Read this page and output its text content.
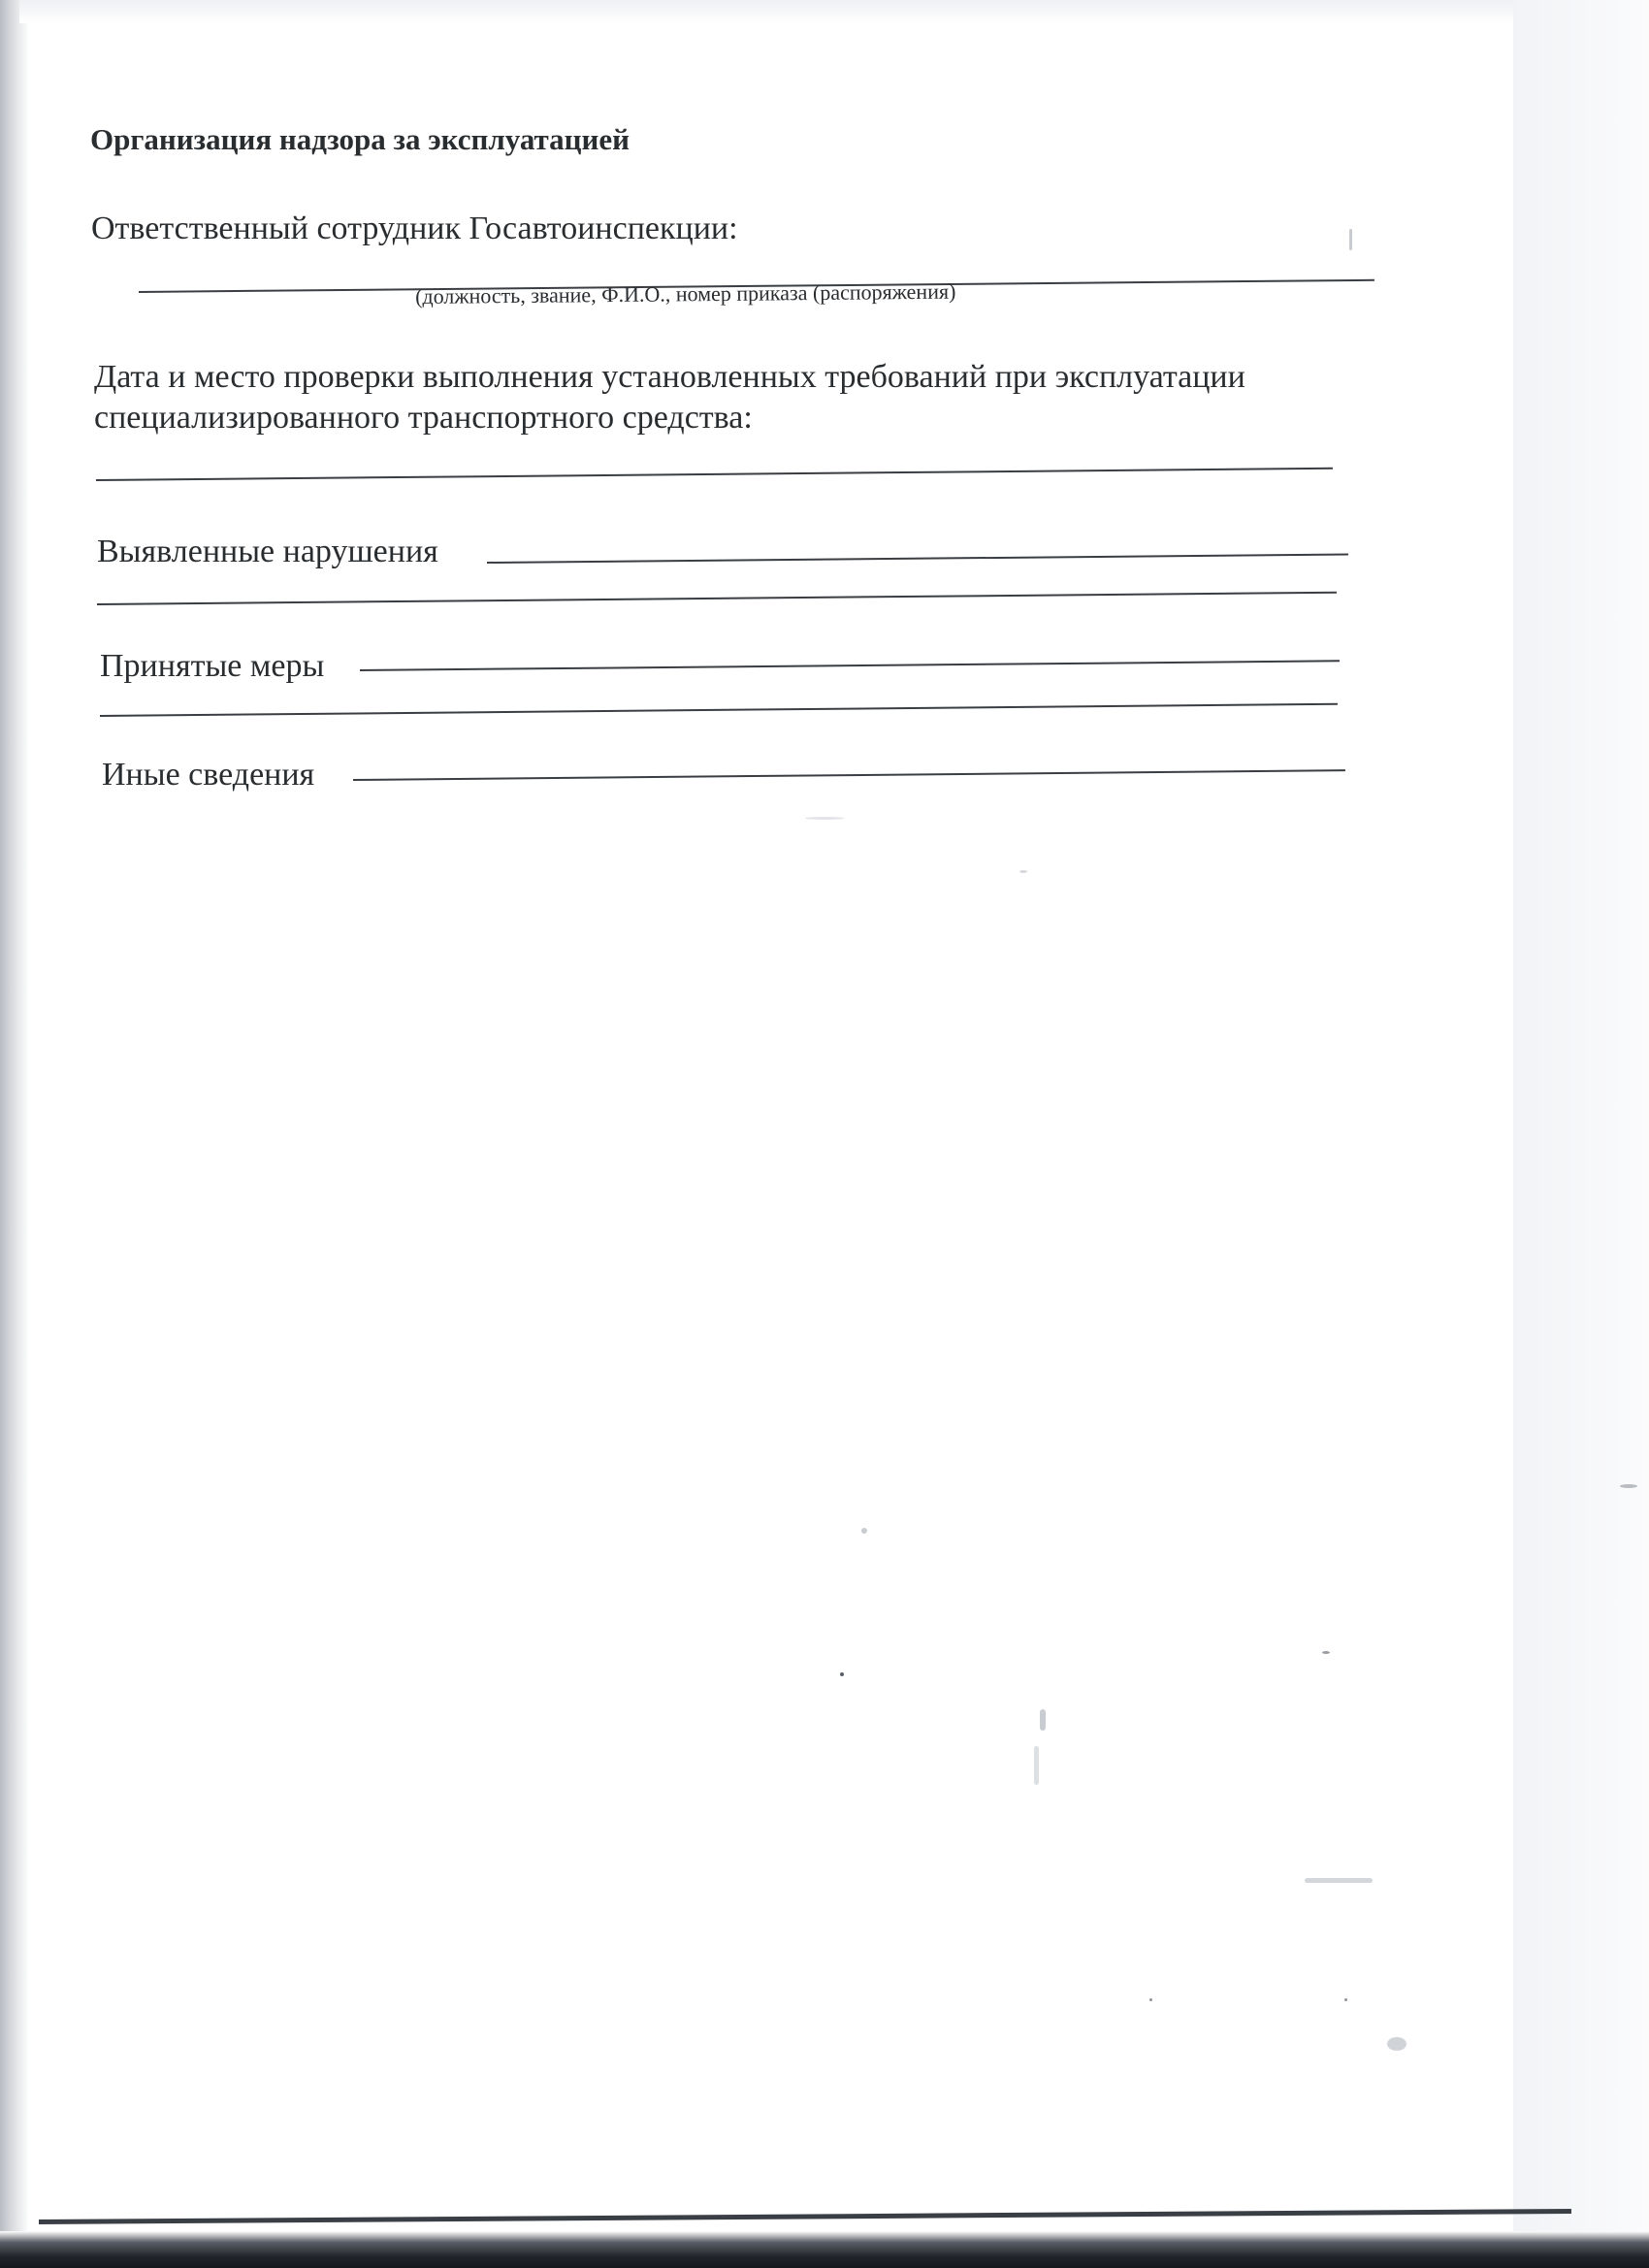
Организация надзора за эксплуатацией
Ответственный сотрудник Госавтоинспекции:
(должность, звание, Ф.И.О., номер приказа (распоряжения)
Дата и место проверки выполнения установленных требований при эксплуатации
специализированного транспортного средства:
Выявленные нарушения
Принятые меры
Иные сведения
